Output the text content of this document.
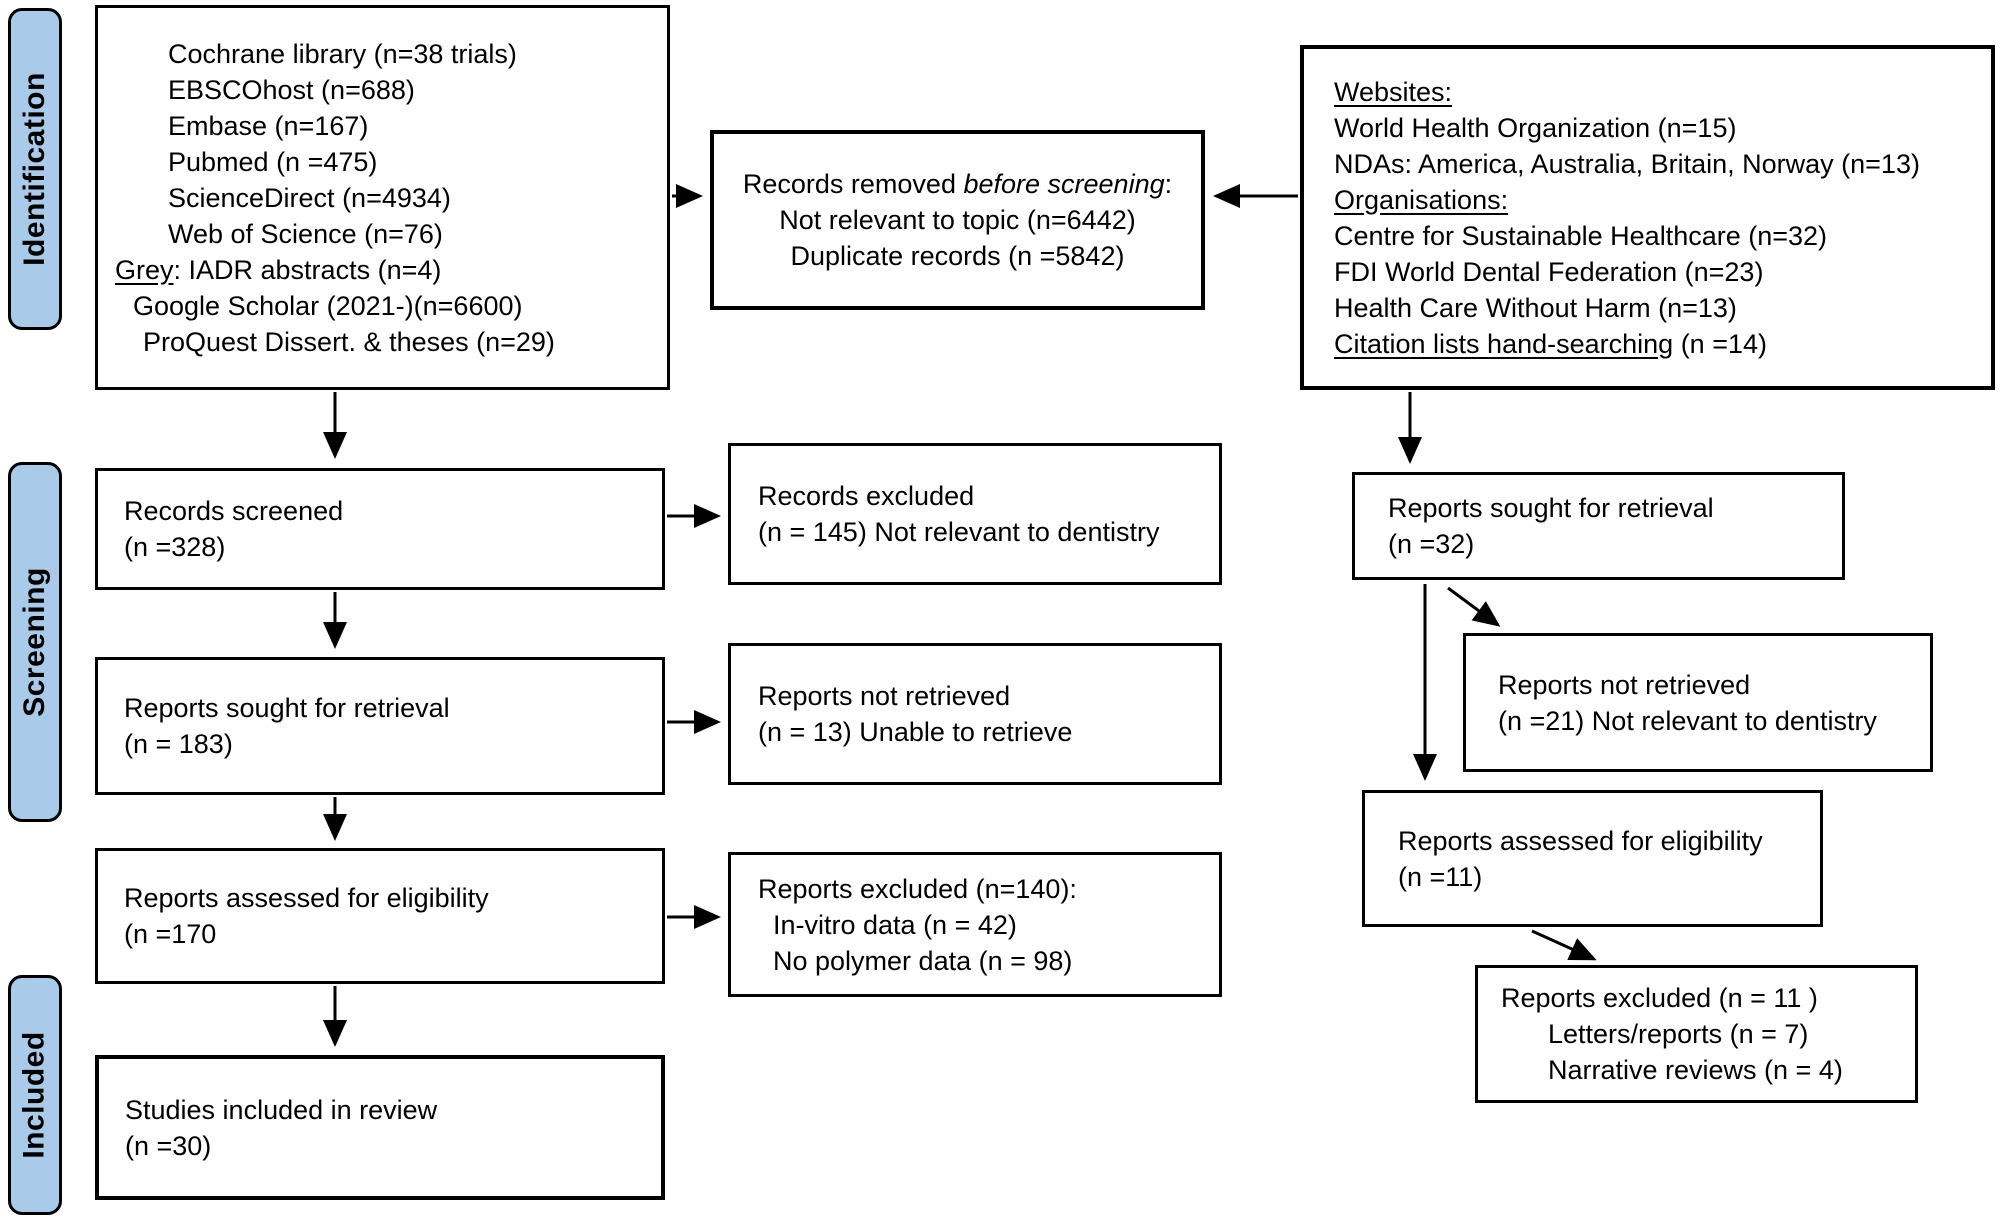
Identification
Screening
Included
Cochrane library (n=38 trials)
EBSCOhost (n=688)
Embase (n=167)
Pubmed (n =475)
ScienceDirect (n=4934)
Web of Science (n=76)
Grey: IADR abstracts (n=4)
Google Scholar (2021-)(n=6600)
ProQuest Dissert. & theses (n=29)
Records removed before screening:
Not relevant to topic (n=6442)
Duplicate records (n =5842)
Websites:
World Health Organization (n=15)
NDAs: America, Australia, Britain, Norway (n=13)
Organisations:
Centre for Sustainable Healthcare (n=32)
FDI World Dental Federation (n=23)
Health Care Without Harm (n=13)
Citation lists hand-searching (n =14)
Records screened
(n =328)
Records excluded
(n = 145) Not relevant to dentistry
Reports sought for retrieval
(n = 183)
Reports not retrieved
(n = 13) Unable to retrieve
Reports assessed for eligibility
(n =170
Reports excluded (n=140):
In-vitro data (n = 42)
No polymer data (n = 98)
Reports sought for retrieval
(n =32)
Reports not retrieved
(n =21) Not relevant to dentistry
Reports assessed for eligibility
(n =11)
Reports excluded (n = 11 )
Letters/reports (n = 7)
Narrative reviews (n = 4)
Studies included in review
(n =30)
